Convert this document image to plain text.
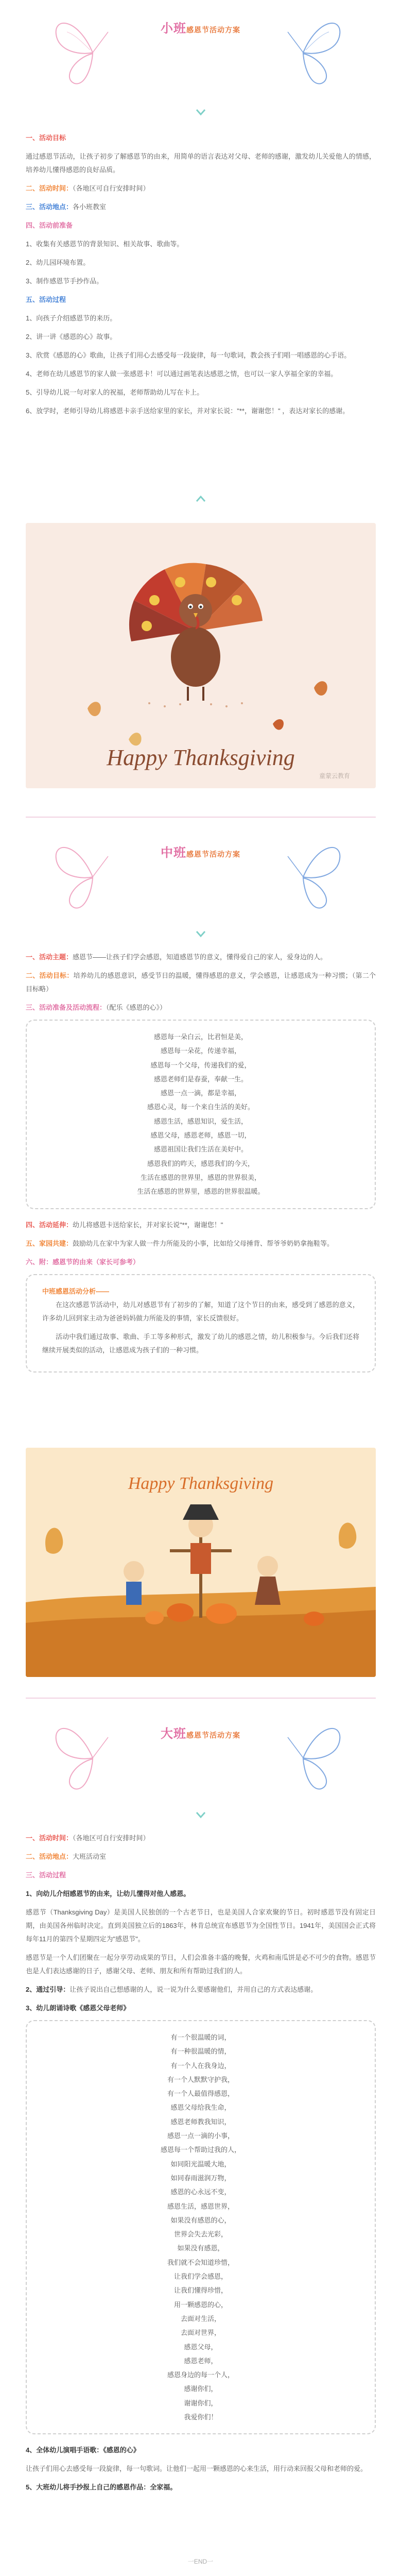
小班感恩节活动方案
一、活动目标
通过感恩节活动，让孩子初步了解感恩节的由来，用简单的语言表达对父母、老师的感谢，激发幼儿关爱他人的情感，培养幼儿懂得感恩的良好品质。
二、活动时间：（各地区可自行安排时间）
三、活动地点：各小班教室
四、活动前准备
1、收集有关感恩节的背景知识、相关故事、歌曲等。
2、幼儿园环境布置。
3、制作感恩节手抄作品。
五、活动过程
1、向孩子介绍感恩节的来历。
2、讲一讲《感恩的心》故事。
3、欣赏《感恩的心》歌曲，让孩子们用心去感受每一段旋律，每一句歌词，教会孩子们唱一唱感恩的心手语。
4、老师在幼儿感恩节的家人做一张感恩卡！可以通过画笔表达感恩之情，也可以一家人享福全家的幸福。
5、引导幼儿说一句对家人的祝福，老师帮助幼儿写在卡上。
6、放学时，老师引导幼儿将感恩卡亲手送给家里的家长，并对家长说："**，谢谢您！" ，表达对家长的感谢。
Happy Thanksgiving
童蒙云教育
中班感恩节活动方案
一、活动主题：感恩节——让孩子们学会感恩，知道感恩节的意义，懂得爱自己的家人，爱身边的人。
二、活动目标：培养幼儿的感恩意识，感受节日的温暖，懂得感恩的意义，学会感恩，让感恩成为一种习惯；（第二个目标略）
三、活动准备及活动流程：（配乐《感恩的心》）
感恩每一朵白云，比君恒是美，
感恩每一朵花，传递幸福，
感恩每一个父母，传递我们的爱，
感恩老师们是春蚕，奉献一生。
感恩一点一滴，都是幸福，
感恩心灵，每一个来自生活的美好。
感恩生活，感恩知识，爱生活，
感恩父母，感恩老师，感恩一切，
感恩祖国让我们生活在美好中。
感恩我们的昨天，感恩我们的今天，
生活在感恩的世界里，感恩的世界很美，
生活在感恩的世界里，感恩的世界很温暖。
四、活动延伸：幼儿将感恩卡送给家长，并对家长说"**，谢谢您！"
五、家园共建：鼓励幼儿在家中为家人做一件力所能及的小事，比如给父母捶背、帮爷爷奶奶拿拖鞋等。
六、附：感恩节的由来（家长可参考）
中班感恩活动分析——
在这次感恩节活动中，幼儿对感恩节有了初步的了解，知道了这个节日的由来，感受到了感恩的意义，许多幼儿回到家主动为爸爸妈妈做力所能及的事情，家长反馈很好。
活动中我们通过故事、歌曲、手工等多种形式，激发了幼儿的感恩之情，幼儿积极参与。今后我们还将继续开展类似的活动，让感恩成为孩子们的一种习惯。
Happy Thanksgiving
大班感恩节活动方案
一、活动时间：（各地区可自行安排时间）
二、活动地点：大班活动室
三、活动过程
1、向幼儿介绍感恩节的由来，让幼儿懂得对他人感恩。
感恩节（Thanksgiving Day）是美国人民独创的一个古老节日，也是美国人合家欢聚的节日。初时感恩节没有固定日期，由美国各州临时决定。直到美国独立后的1863年，林肯总统宣布感恩节为全国性节日。1941年，美国国会正式将每年11月的第四个星期四定为"感恩节"。
感恩节是一个人们团聚在一起分享劳动成果的节日，人们会准备丰盛的晚餐，火鸡和南瓜饼是必不可少的食物。感恩节也是人们表达感谢的日子，感谢父母、老师、朋友和所有帮助过我们的人。
2、通过引导：让孩子说出自己想感谢的人，说一说为什么要感谢他们，并用自己的方式表达感谢。
3、幼儿朗诵诗歌《感恩父母老师》
有一个很温暖的词，
有一种很温暖的情，
有一个人在我身边，
有一个人默默守护我，
有一个人最值得感恩，
感恩父母给我生命，
感恩老师教我知识，
感恩一点一滴的小事，
感恩每一个帮助过我的人，
如同阳光温暖大地，
如同春雨滋润万物，
感恩的心永远不变，
感恩生活，感恩世界，
如果没有感恩的心，
世界会失去光彩，
如果没有感恩，
我们就不会知道珍惜，
让我们学会感恩，
让我们懂得珍惜，
用一颗感恩的心，
去面对生活，
去面对世界，
感恩父母，
感恩老师，
感恩身边的每一个人，
感谢你们，
谢谢你们，
我爱你们！
4、全体幼儿演唱手语歌：《感恩的心》
让孩子们用心去感受每一段旋律，每一句歌词。让他们一起用一颗感恩的心来生活，用行动来回报父母和老师的爱。
5、大班幼儿将手抄报上自己的感恩作品：全家福。
一END一
